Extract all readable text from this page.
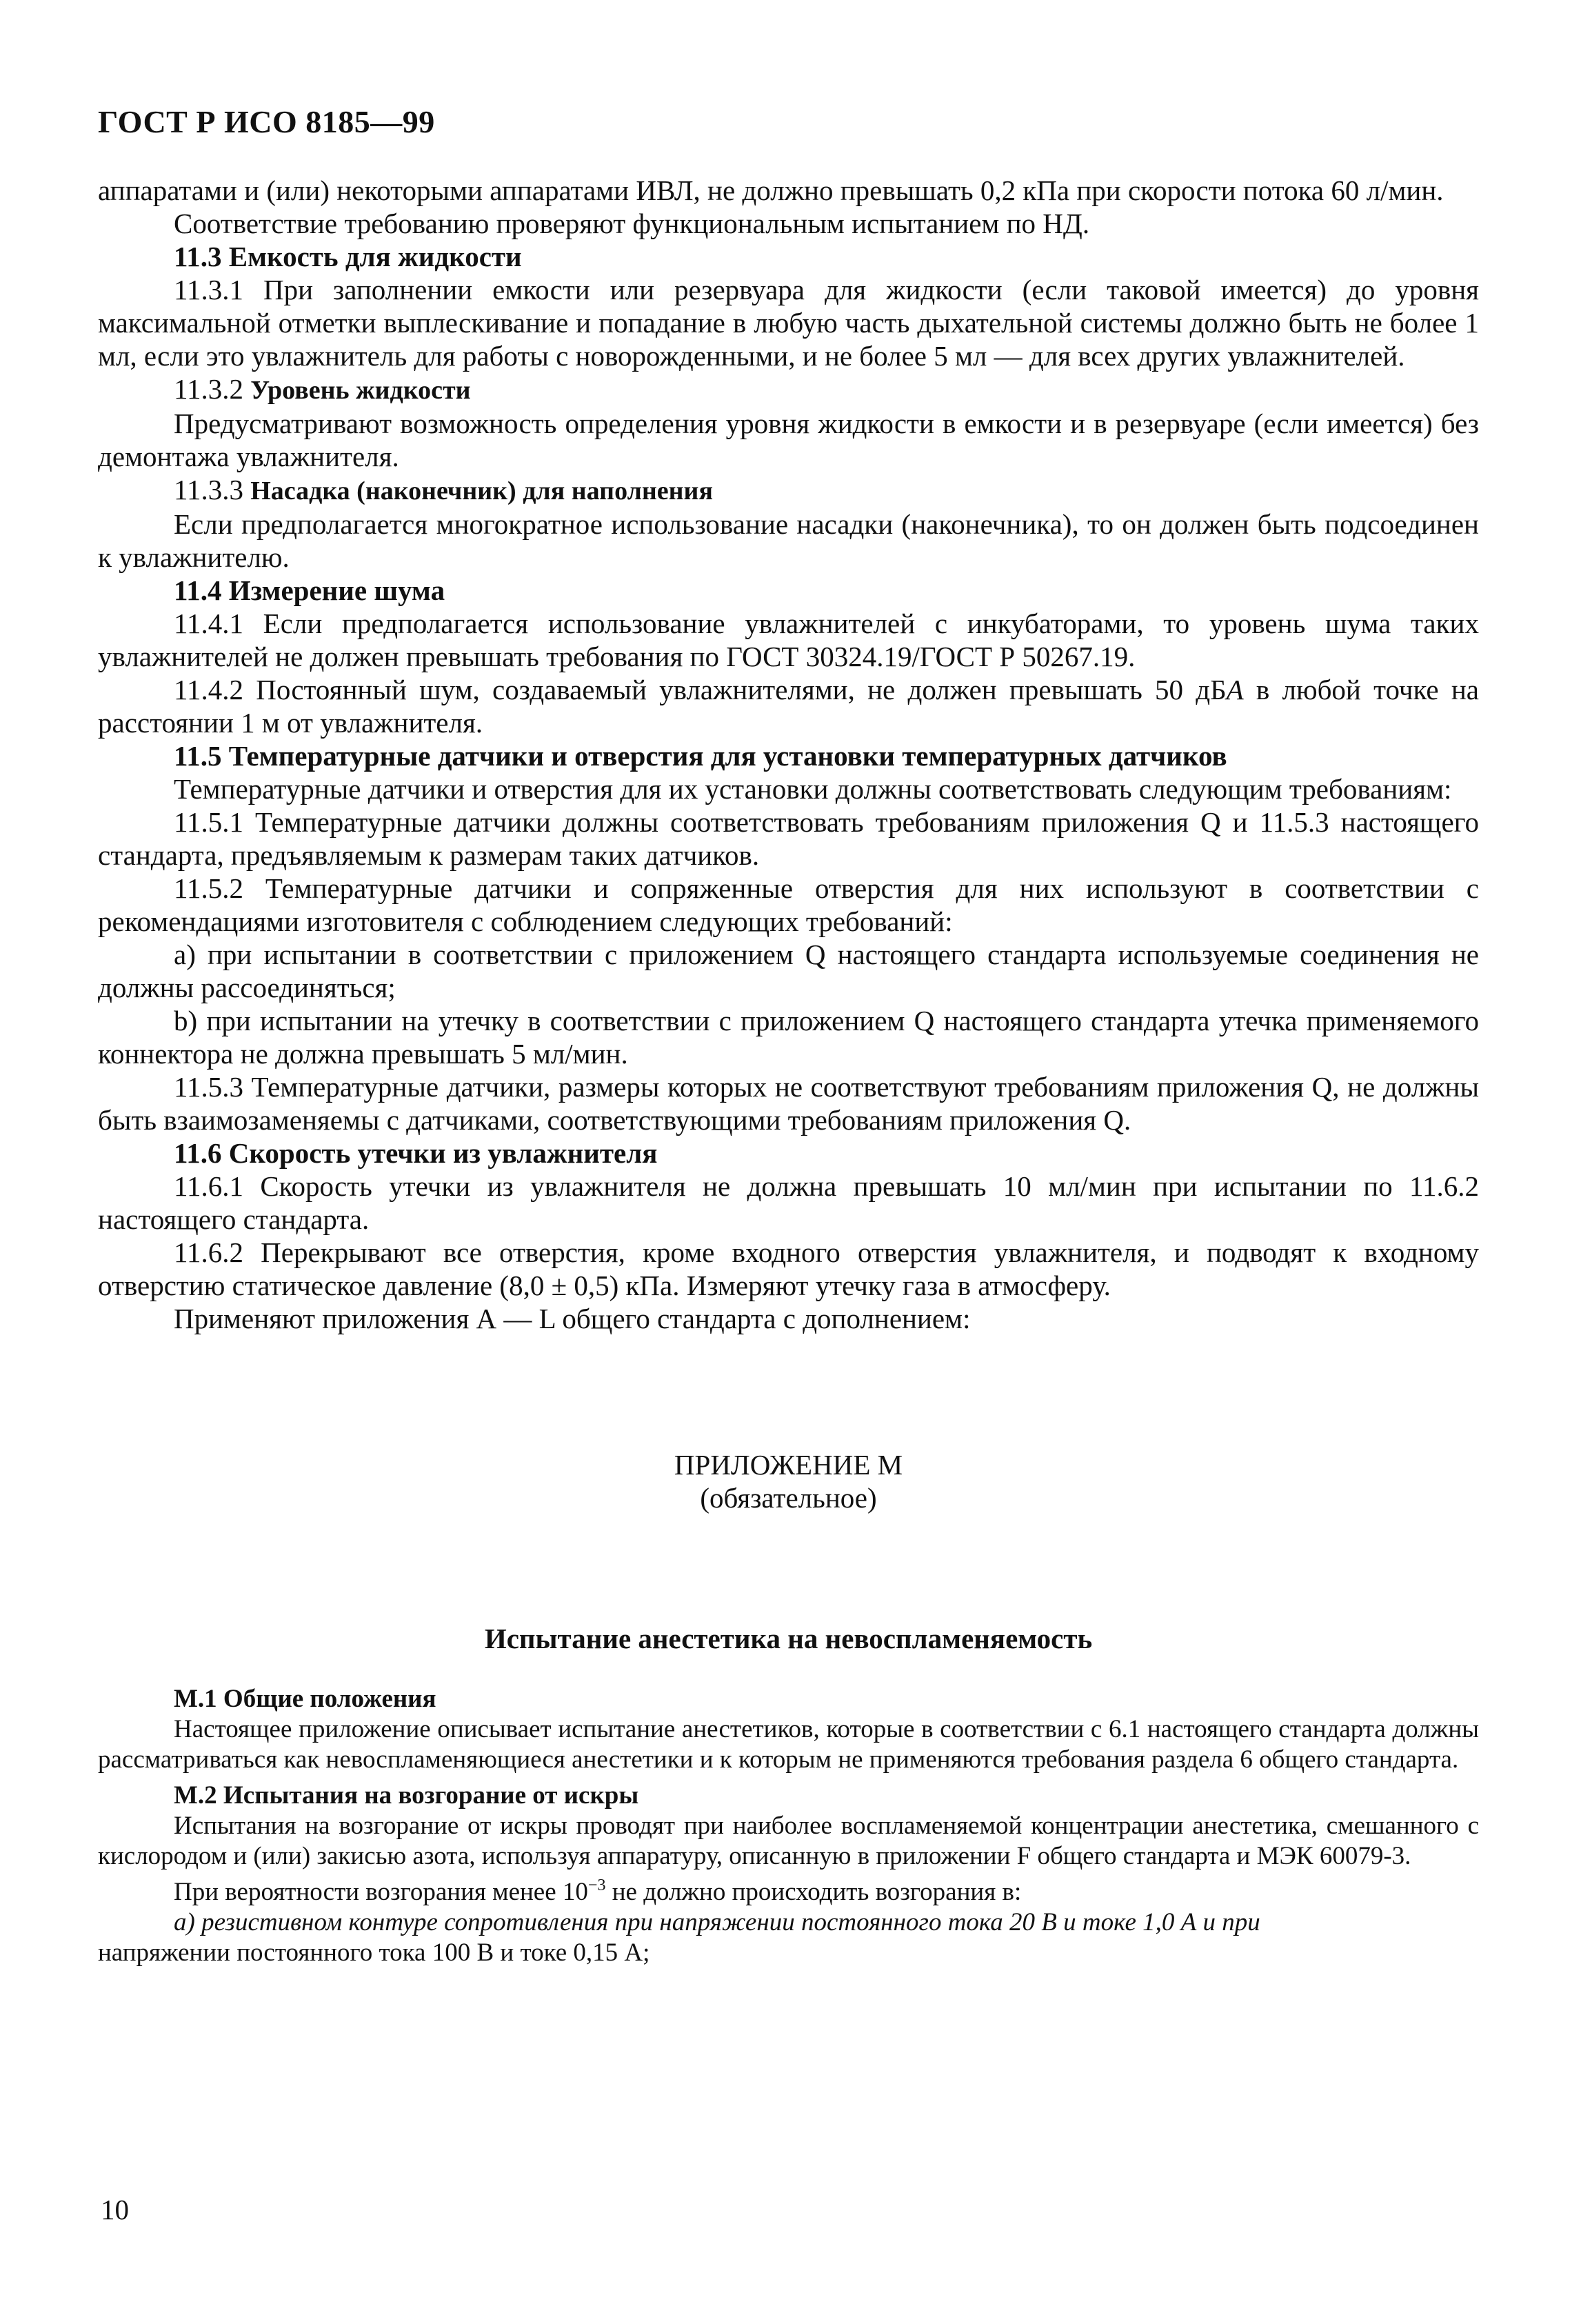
ГОСТ Р ИСО 8185—99

аппаратами и (или) некоторыми аппаратами ИВЛ, не должно превышать 0,2 кПа при скорости потока 60 л/мин.

Соответствие требованию проверяют функциональным испытанием по НД.

11.3 Емкость для жидкости

11.3.1 При заполнении емкости или резервуара для жидкости (если таковой имеется) до уровня максимальной отметки выплескивание и попадание в любую часть дыхательной системы должно быть не более 1 мл, если это увлажнитель для работы с новорожденными, и не более 5 мл — для всех других увлажнителей.

11.3.2 Уровень жидкости

Предусматривают возможность определения уровня жидкости в емкости и в резервуаре (если имеется) без демонтажа увлажнителя.

11.3.3 Насадка (наконечник) для наполнения

Если предполагается многократное использование насадки (наконечника), то он должен быть подсоединен к увлажнителю.

11.4 Измерение шума

11.4.1 Если предполагается использование увлажнителей с инкубаторами, то уровень шума таких увлажнителей не должен превышать требования по ГОСТ 30324.19/ГОСТ Р 50267.19.

11.4.2 Постоянный шум, создаваемый увлажнителями, не должен превышать 50 дБА в любой точке на расстоянии 1 м от увлажнителя.

11.5 Температурные датчики и отверстия для установки температурных датчиков

Температурные датчики и отверстия для их установки должны соответствовать следующим требованиям:

11.5.1 Температурные датчики должны соответствовать требованиям приложения Q и 11.5.3 настоящего стандарта, предъявляемым к размерам таких датчиков.

11.5.2 Температурные датчики и сопряженные отверстия для них используют в соответствии с рекомендациями изготовителя с соблюдением следующих требований:

a) при испытании в соответствии с приложением Q настоящего стандарта используемые соединения не должны рассоединяться;

b) при испытании на утечку в соответствии с приложением Q настоящего стандарта утечка применяемого коннектора не должна превышать 5 мл/мин.

11.5.3 Температурные датчики, размеры которых не соответствуют требованиям приложения Q, не должны быть взаимозаменяемы с датчиками, соответствующими требованиям приложения Q.

11.6 Скорость утечки из увлажнителя

11.6.1 Скорость утечки из увлажнителя не должна превышать 10 мл/мин при испытании по 11.6.2 настоящего стандарта.

11.6.2 Перекрывают все отверстия, кроме входного отверстия увлажнителя, и подводят к входному отверстию статическое давление (8,0 ± 0,5) кПа. Измеряют утечку газа в атмосферу.

Применяют приложения А — L общего стандарта с дополнением:

ПРИЛОЖЕНИЕ М
(обязательное)
Испытание анестетика на невоспламеняемость

М.1 Общие положения

Настоящее приложение описывает испытание анестетиков, которые в соответствии с 6.1 настоящего стандарта должны рассматриваться как невоспламеняющиеся анестетики и к которым не применяются требования раздела 6 общего стандарта.

М.2 Испытания на возгорание от искры

Испытания на возгорание от искры проводят при наиболее воспламеняемой концентрации анестетика, смешанного с кислородом и (или) закисью азота, используя аппаратуру, описанную в приложении F общего стандарта и МЭК 60079-3.

При вероятности возгорания менее $10^{-3}$ не должно происходить возгорания в:

а) резистивном контуре сопротивления при напряжении постоянного тока 20 В и токе 1,0 А и при

напряжении постоянного тока 100 В и токе 0,15 А;

10
